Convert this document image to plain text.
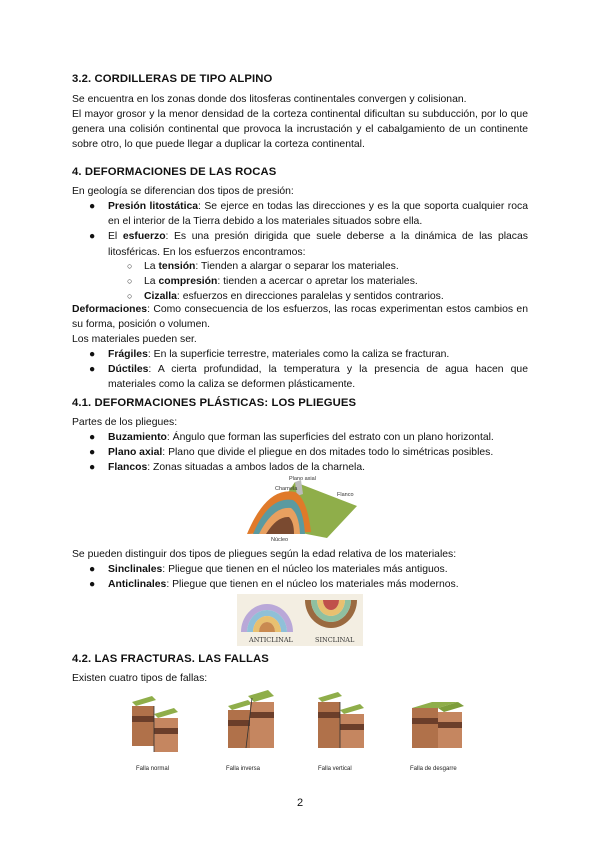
3.2. CORDILLERAS DE TIPO ALPINO

Se encuentra en los zonas donde dos litosferas continentales convergen y colisionan.

El mayor grosor y la menor densidad de la corteza continental dificultan su subducción, por lo que genera una colisión continental que provoca la incrustación y el cabalgamiento de un continente sobre otro, lo que puede llegar a duplicar la corteza continental.

4. DEFORMACIONES DE LAS ROCAS

En geología se diferencian dos tipos de presión:

● Presión litostática: Se ejerce en todas las direcciones y es la que soporta cualquier roca en el interior de la Tierra debido a los materiales situados sobre ella.
● El esfuerzo: Es una presión dirigida que suele deberse a la dinámica de las placas litosféricas. En los esfuerzos encontramos:
○ La tensión: Tienden a alargar o separar los materiales.
○ La compresión: tienden a acercar o apretar los materiales.
○ Cizalla: esfuerzos en direcciones paralelas y sentidos contrarios.

Deformaciones: Como consecuencia de los esfuerzos, las rocas experimentan estos cambios en su forma, posición o volumen.

Los materiales pueden ser.

● Frágiles: En la superficie terrestre, materiales como la caliza se fracturan.
● Dúctiles: A cierta profundidad, la temperatura y la presencia de agua hacen que materiales como la caliza se deformen plásticamente.
4.1. DEFORMACIONES PLÁSTICAS: LOS PLIEGUES

Partes de los pliegues:

● Buzamiento: Ángulo que forman las superficies del estrato con un plano horizontal.
● Plano axial: Plano que divide el pliegue en dos mitades todo lo simétricas posibles.
● Flancos: Zonas situadas a ambos lados de la charnela.
Charnela
Flanco
Plano axial
Núcleo

Se pueden distinguir dos tipos de pliegues según la edad relativa de los materiales:

● Sinclinales: Pliegue que tienen en el núcleo los materiales más antiguos.
● Anticlinales: Pliegue que tienen en el núcleo los materiales más modernos.
ANTICLINAL	SINCLINAL
4.2. LAS FRACTURAS. LAS FALLAS

Existen cuatro tipos de fallas:

Falla normal	Falla inversa	Falla vertical	Falla de desgarre
2
